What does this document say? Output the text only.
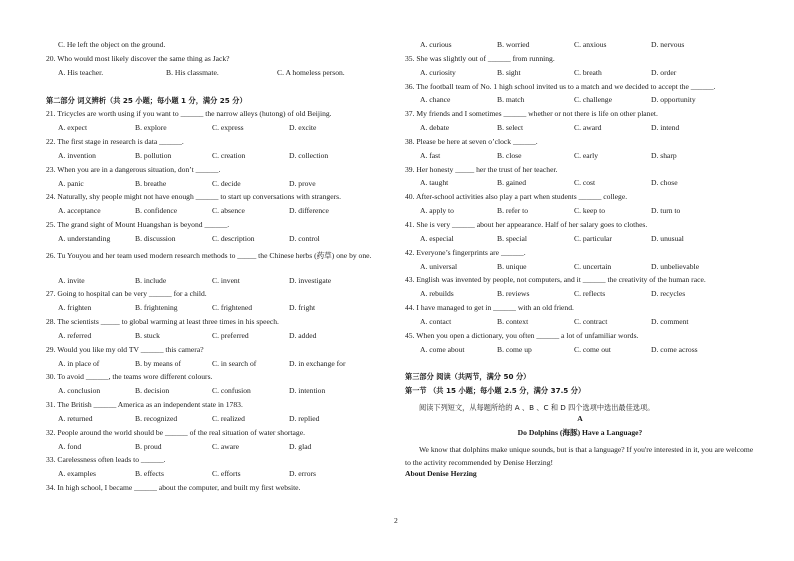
C. He left the object on the ground.
20. Who would most likely discover the same thing as Jack?
A. His teacher.	B. His classmate.	C. A homeless person.
第二部分 词义辨析（共 25 小题；每小题 1 分，满分 25 分）
21. Tricycles are worth using if you want to ______ the narrow alleys (hutong) of old Beijing.
A. expect	B. explore	C. express	D. excite
22. The first stage in research is data ______.
A. invention	B. pollution	C. creation	D. collection
23. When you are in a dangerous situation, don’t ______.
A. panic	B. breathe	C. decide	D. prove
24. Naturally, shy people might not have enough ______ to start up conversations with strangers.
A. acceptance	B. confidence	C. absence	D. difference
25. The grand sight of Mount Huangshan is beyond ______.
A. understanding	B. discussion	C. description	D. control
26. Tu Youyou and her team used modern research methods to _____ the Chinese herbs (药草) one by one.
A. invite	B. include	C. invent	D. investigate
27. Going to hospital can be very ______ for a child.
A. frighten	B. frightening	C. frightened	D. fright
28. The scientists _____ to global warming at least three times in his speech.
A. referred	B. stuck	C. preferred	D. added
29. Would you like my old TV ______ this camera?
A. in place of	B. by means of	C. in search of	D. in exchange for
30. To avoid ______, the teams wore different colours.
A. conclusion	B. decision	C. confusion	D. intention
31. The British ______ America as an independent state in 1783.
A. returned	B. recognized	C. realized	D. replied
32. People around the world should be ______ of the real situation of water shortage.
A. fond	B. proud	C. aware	D. glad
33. Carelessness often leads to ______.
A. examples	B. effects	C. efforts	D. errors
34. In high school, I became ______ about the computer, and built my first website.
A. curious	B. worried	C. anxious	D. nervous
35. She was slightly out of ______ from running.
A. curiosity	B. sight	C. breath	D. order
36. The football team of No. 1 high school invited us to a match and we decided to accept the ______.
A. chance	B. match	C. challenge	D. opportunity
37. My friends and I sometimes ______ whether or not there is life on other planet.
A. debate	B. select	C. award	D. intend
38. Please be here at seven o’clock ______.
A. fast	B. close	C. early	D. sharp
39. Her honesty _____ her the trust of her teacher.
A. taught	B. gained	C. cost	D. chose
40. After-school activities also play a part when students ______ college.
A. apply to	B. refer to	C. keep to	D. turn to
41. She is very ______ about her appearance. Half of her salary goes to clothes.
A. especial	B. special	C. particular	D. unusual
42. Everyone’s fingerprints are ______.
A. universal	B. unique	C. uncertain	D. unbelievable
43. English was invented by people, not computers, and it ______ the creativity of the human race.
A. rebuilds	B. reviews	C. reflects	D. recycles
44. I have managed to get in ______ with an old friend.
A. contact	B. context	C. contract	D. comment
45. When you open a dictionary, you often ______ a lot of unfamiliar words.
A. come about	B. come up	C. come out	D. come across
第三部分 阅读（共两节，满分 50 分）
第一节 （共 15 小题；每小题 2.5 分，满分 37.5 分）
阅读下列短文，从每题所给的 A 、B 、C 和 D 四个选项中选出最佳选项。
A
Do Dolphins (海豚) Have a Language?
We know that dolphins make unique sounds, but is that a language? If you're interested in it, you are welcome to the activity recommended by Denise Herzing!
About Denise Herzing
2
